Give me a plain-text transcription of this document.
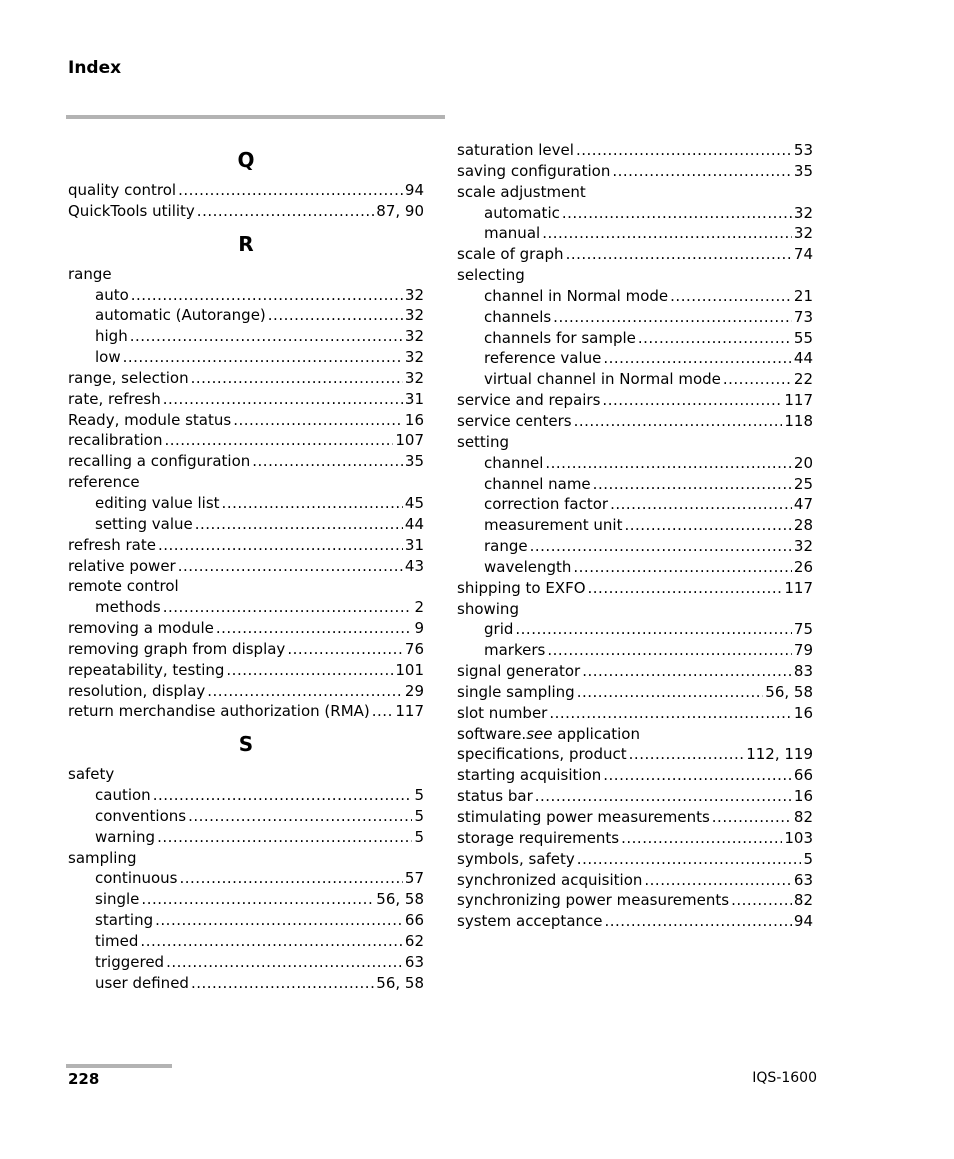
Index
Q
quality control .....	94
QuickTools utility .....	87, 90
R
range
auto .....	32
automatic (Autorange) .....	32
high .....	32
low .....	32
range, selection .....	32
rate, refresh .....	31
Ready, module status .....	16
recalibration .....	107
recalling a configuration .....	35
reference
editing value list .....	45
setting value .....	44
refresh rate .....	31
relative power .....	43
remote control
methods .....	2
removing a module .....	9
removing graph from display .....	76
repeatability, testing .....	101
resolution, display .....	29
return merchandise authorization (RMA) ..... 117
S
safety
caution .....	5
conventions .....	5
warning .....	5
sampling
continuous .....	57
single .....	56, 58
starting .....	66
timed .....	62
triggered .....	63
user defined .....	56, 58
saturation level .....	53
saving configuration .....	35
scale adjustment
automatic .....	32
manual .....	32
scale of graph .....	74
selecting
channel in Normal mode .....	21
channels .....	73
channels for sample .....	55
reference value .....	44
virtual channel in Normal mode .....	22
service and repairs .....	117
service centers .....	118
setting
channel .....	20
channel name .....	25
correction factor .....	47
measurement unit .....	28
range .....	32
wavelength .....	26
shipping to EXFO .....	117
showing
grid .....	75
markers .....	79
signal generator .....	83
single sampling .....	56, 58
slot number .....	16
software. see application
specifications, product .....	112, 119
starting acquisition .....	66
status bar .....	16
stimulating power measurements .....	82
storage requirements .....	103
symbols, safety .....	5
synchronized acquisition .....	63
synchronizing power measurements .....	82
system acceptance .....	94
228	IQS-1600
